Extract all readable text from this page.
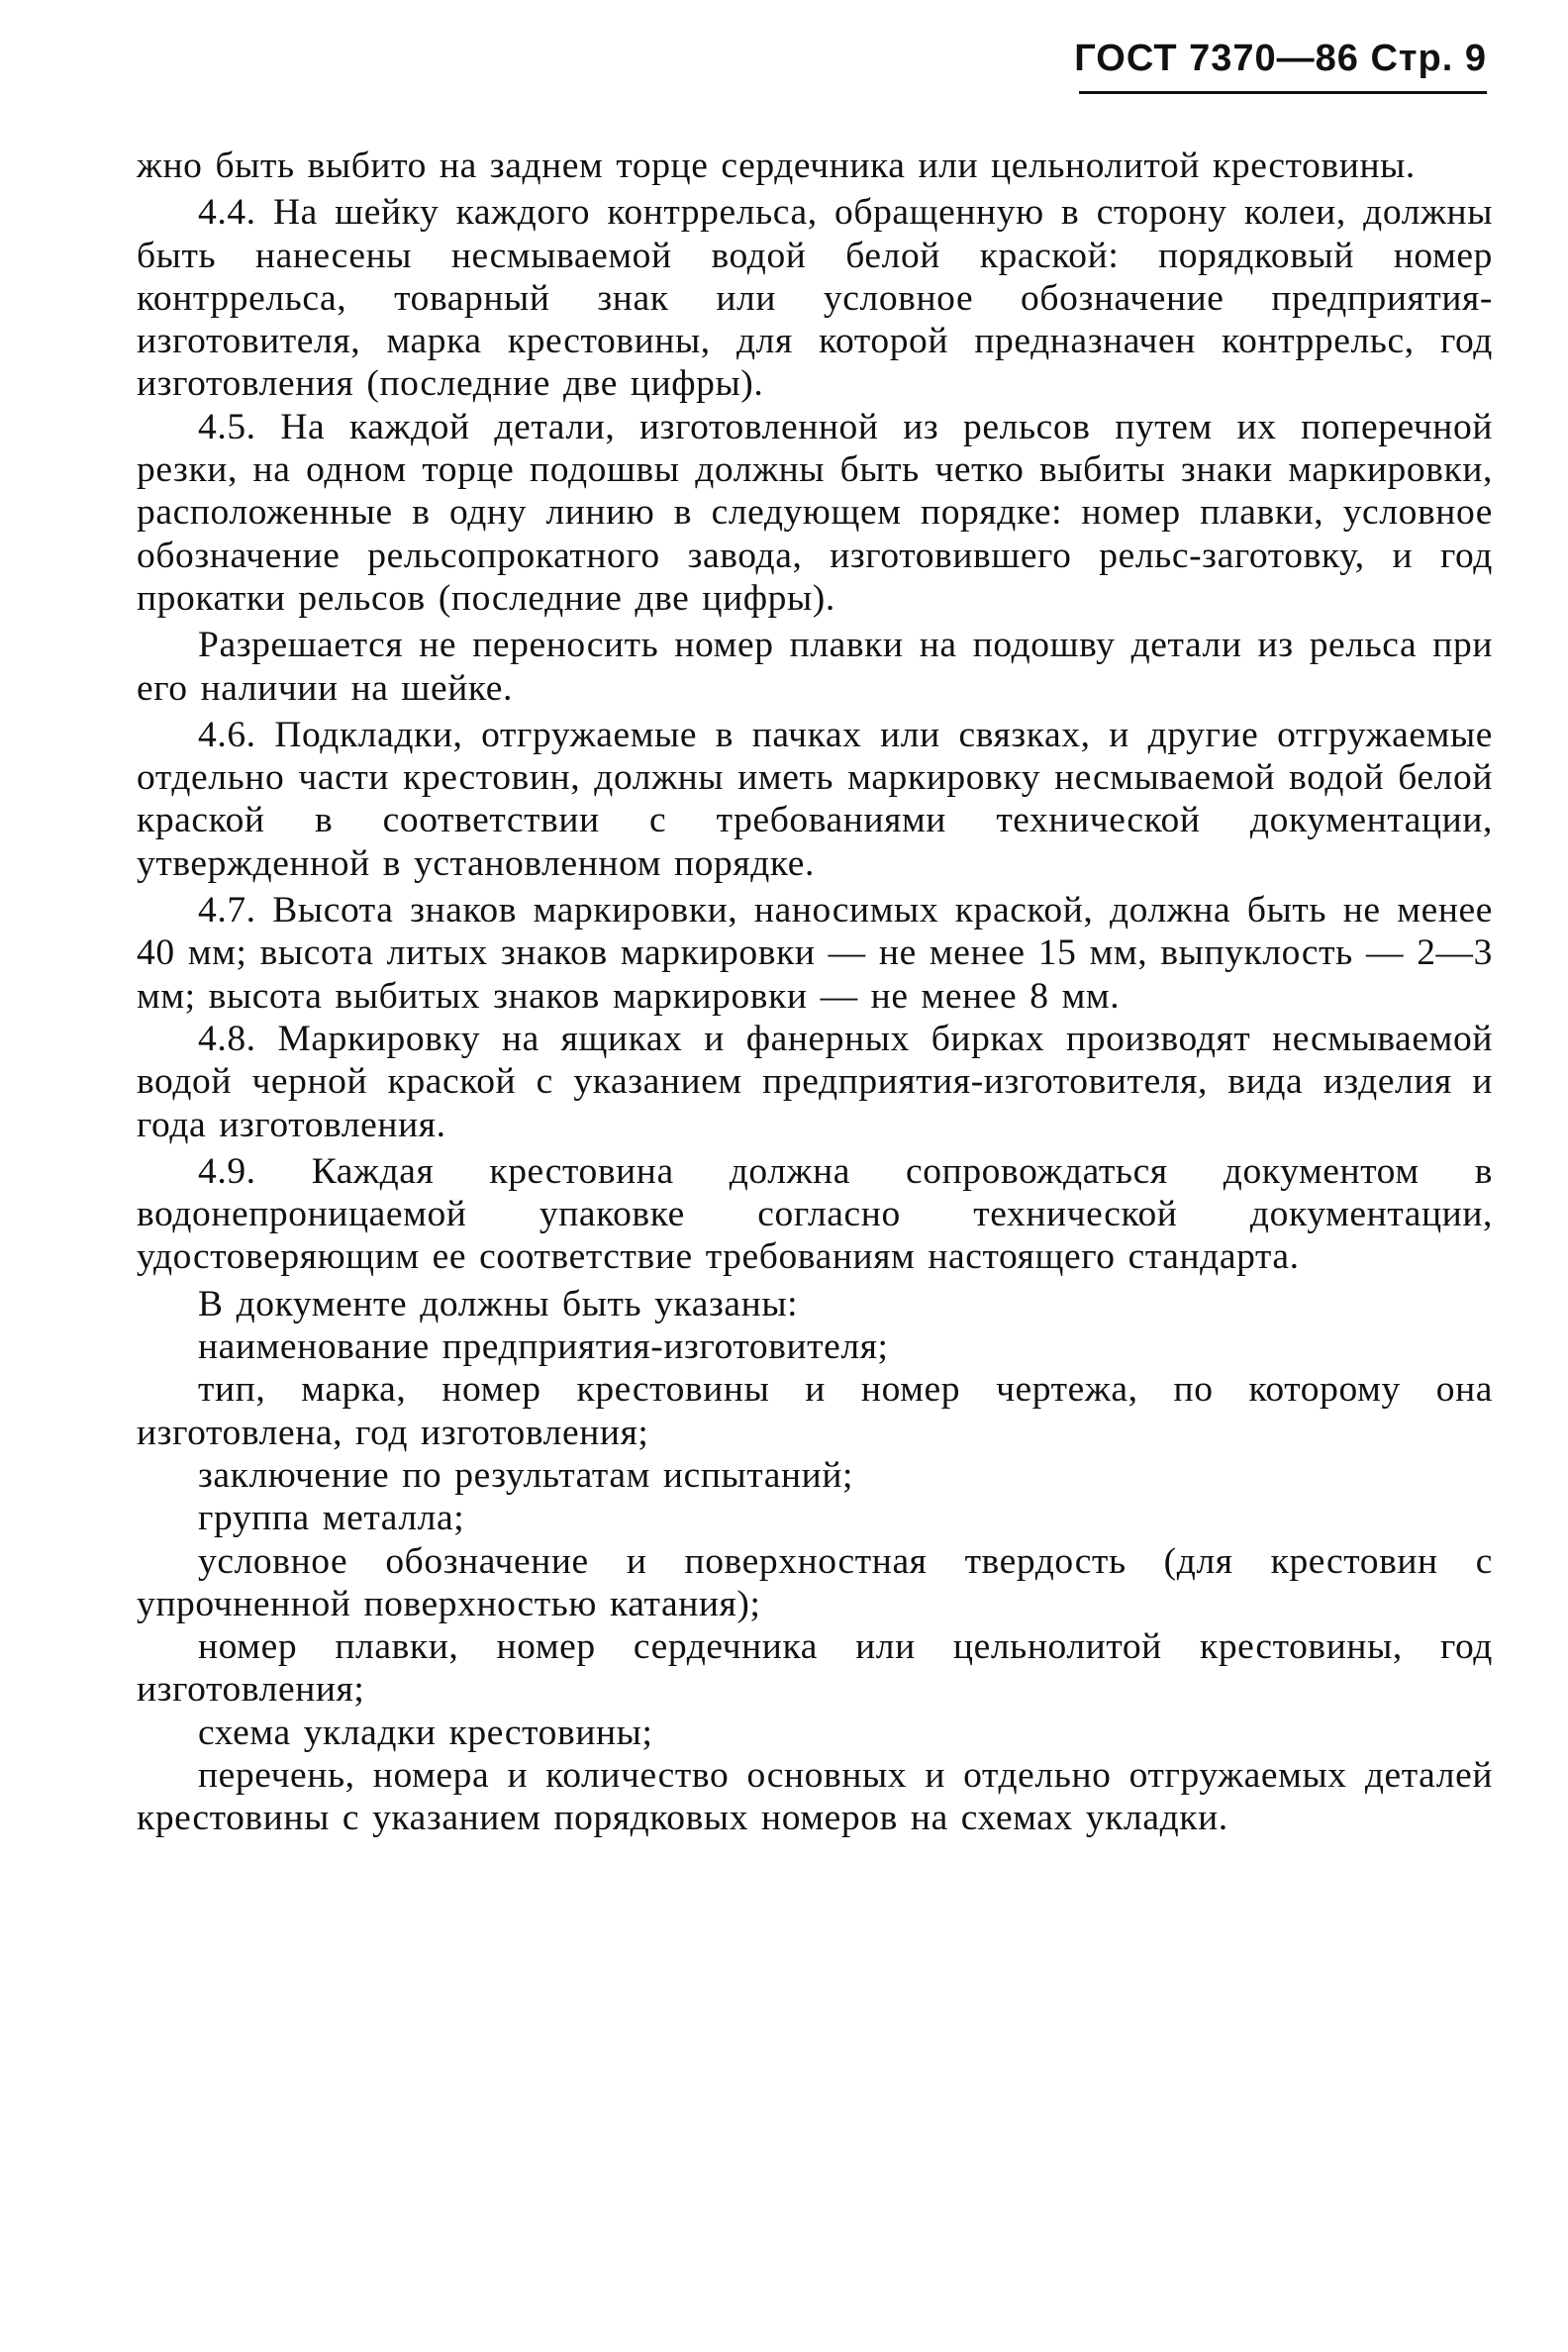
ГОСТ 7370—86 Стр. 9

жно быть выбито на заднем торце сердечника или цельнолитой крестовины.

4.4. На шейку каждого контррельса, обращенную в сторону колеи, должны быть нанесены несмываемой водой белой краской: порядковый номер контррельса, товарный знак или условное обозначение предприятия-изготовителя, марка крестовины, для которой предназначен контррельс, год изготовления (последние две цифры).

4.5. На каждой детали, изготовленной из рельсов путем их поперечной резки, на одном торце подошвы должны быть четко выбиты знаки маркировки, расположенные в одну линию в следующем порядке: номер плавки, условное обозначение рельсопрокатного завода, изготовившего рельс-заготовку, и год прокатки рельсов (последние две цифры).

Разрешается не переносить номер плавки на подошву детали из рельса при его наличии на шейке.

4.6. Подкладки, отгружаемые в пачках или связках, и другие отгружаемые отдельно части крестовин, должны иметь маркировку несмываемой водой белой краской в соответствии с требованиями технической документации, утвержденной в установленном порядке.

4.7. Высота знаков маркировки, наносимых краской, должна быть не менее 40 мм; высота литых знаков маркировки — не менее 15 мм, выпуклость — 2—3 мм; высота выбитых знаков маркировки — не менее 8 мм.

4.8. Маркировку на ящиках и фанерных бирках производят несмываемой водой черной краской с указанием предприятия-изготовителя, вида изделия и года изготовления.

4.9. Каждая крестовина должна сопровождаться документом в водонепроницаемой упаковке согласно технической документации, удостоверяющим ее соответствие требованиям настоящего стандарта.

В документе должны быть указаны:

наименование предприятия-изготовителя;

тип, марка, номер крестовины и номер чертежа, по которому она изготовлена, год изготовления;

заключение по результатам испытаний;

группа металла;

условное обозначение и поверхностная твердость (для крестовин с упрочненной поверхностью катания);

номер плавки, номер сердечника или цельнолитой крестовины, год изготовления;

схема укладки крестовины;

перечень, номера и количество основных и отдельно отгружаемых деталей крестовины с указанием порядковых номеров на схемах укладки.
